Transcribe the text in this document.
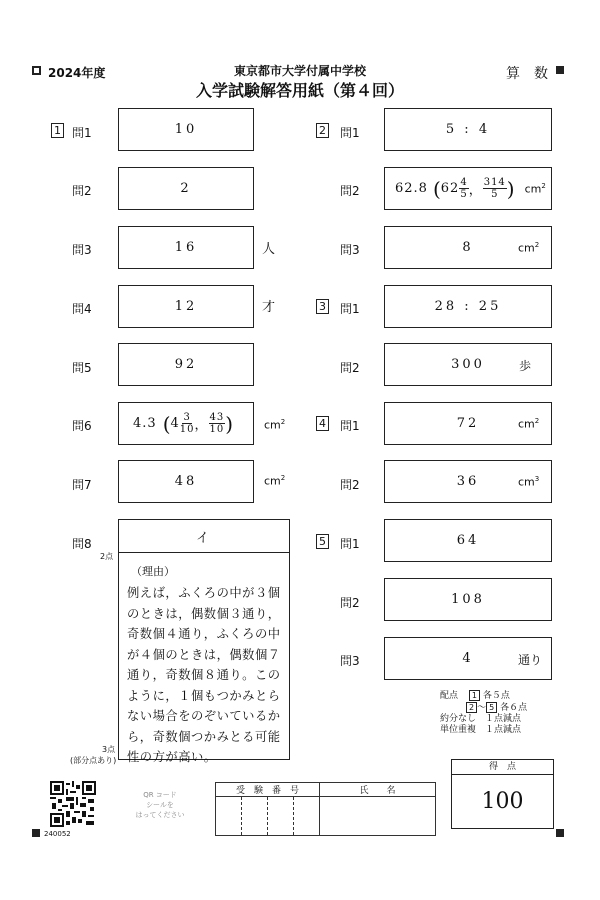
2024年度	東京都市大学付属中学校
入学試験解答用紙（第４回）
算　数
1 問1	10
問2	2
問3	16	人
問4	12	才
問5	92
問6	4.3 ( $4 \frac{3}{10}$ ， $\frac{43}{10}$ )	$cm^2$
問7	48	$cm^2$
問8	イ
2点
（理由）
例えば，ふくろの中が３個のときは，偶数個３通り，奇数個４通り，ふくろの中が４個のときは，偶数個７通り，奇数個８通り。このように，１個もつかみとらない場合をのぞいているから，奇数個つかみとる可能性の方が高い。
3点
(部分点あり)
2 問1	5 : 4
問2	62.8 ( $62 \frac{4}{5}$ ， $\frac{314}{5}$ ) $cm^2$
問3	8	$cm^2$
3 問1	28 : 25
問2	300	歩
4 問1	72	$cm^2$
問2	36	$cm^3$
5 問1	64
問2	108
問3	4	通り
配点 1 各５点
2 ～ 5 各６点
約分なし　１点減点
単位重複　１点減点
240052
QR コード
シールを
はってください
受　験　番　号				氏　　名

得　点
100
